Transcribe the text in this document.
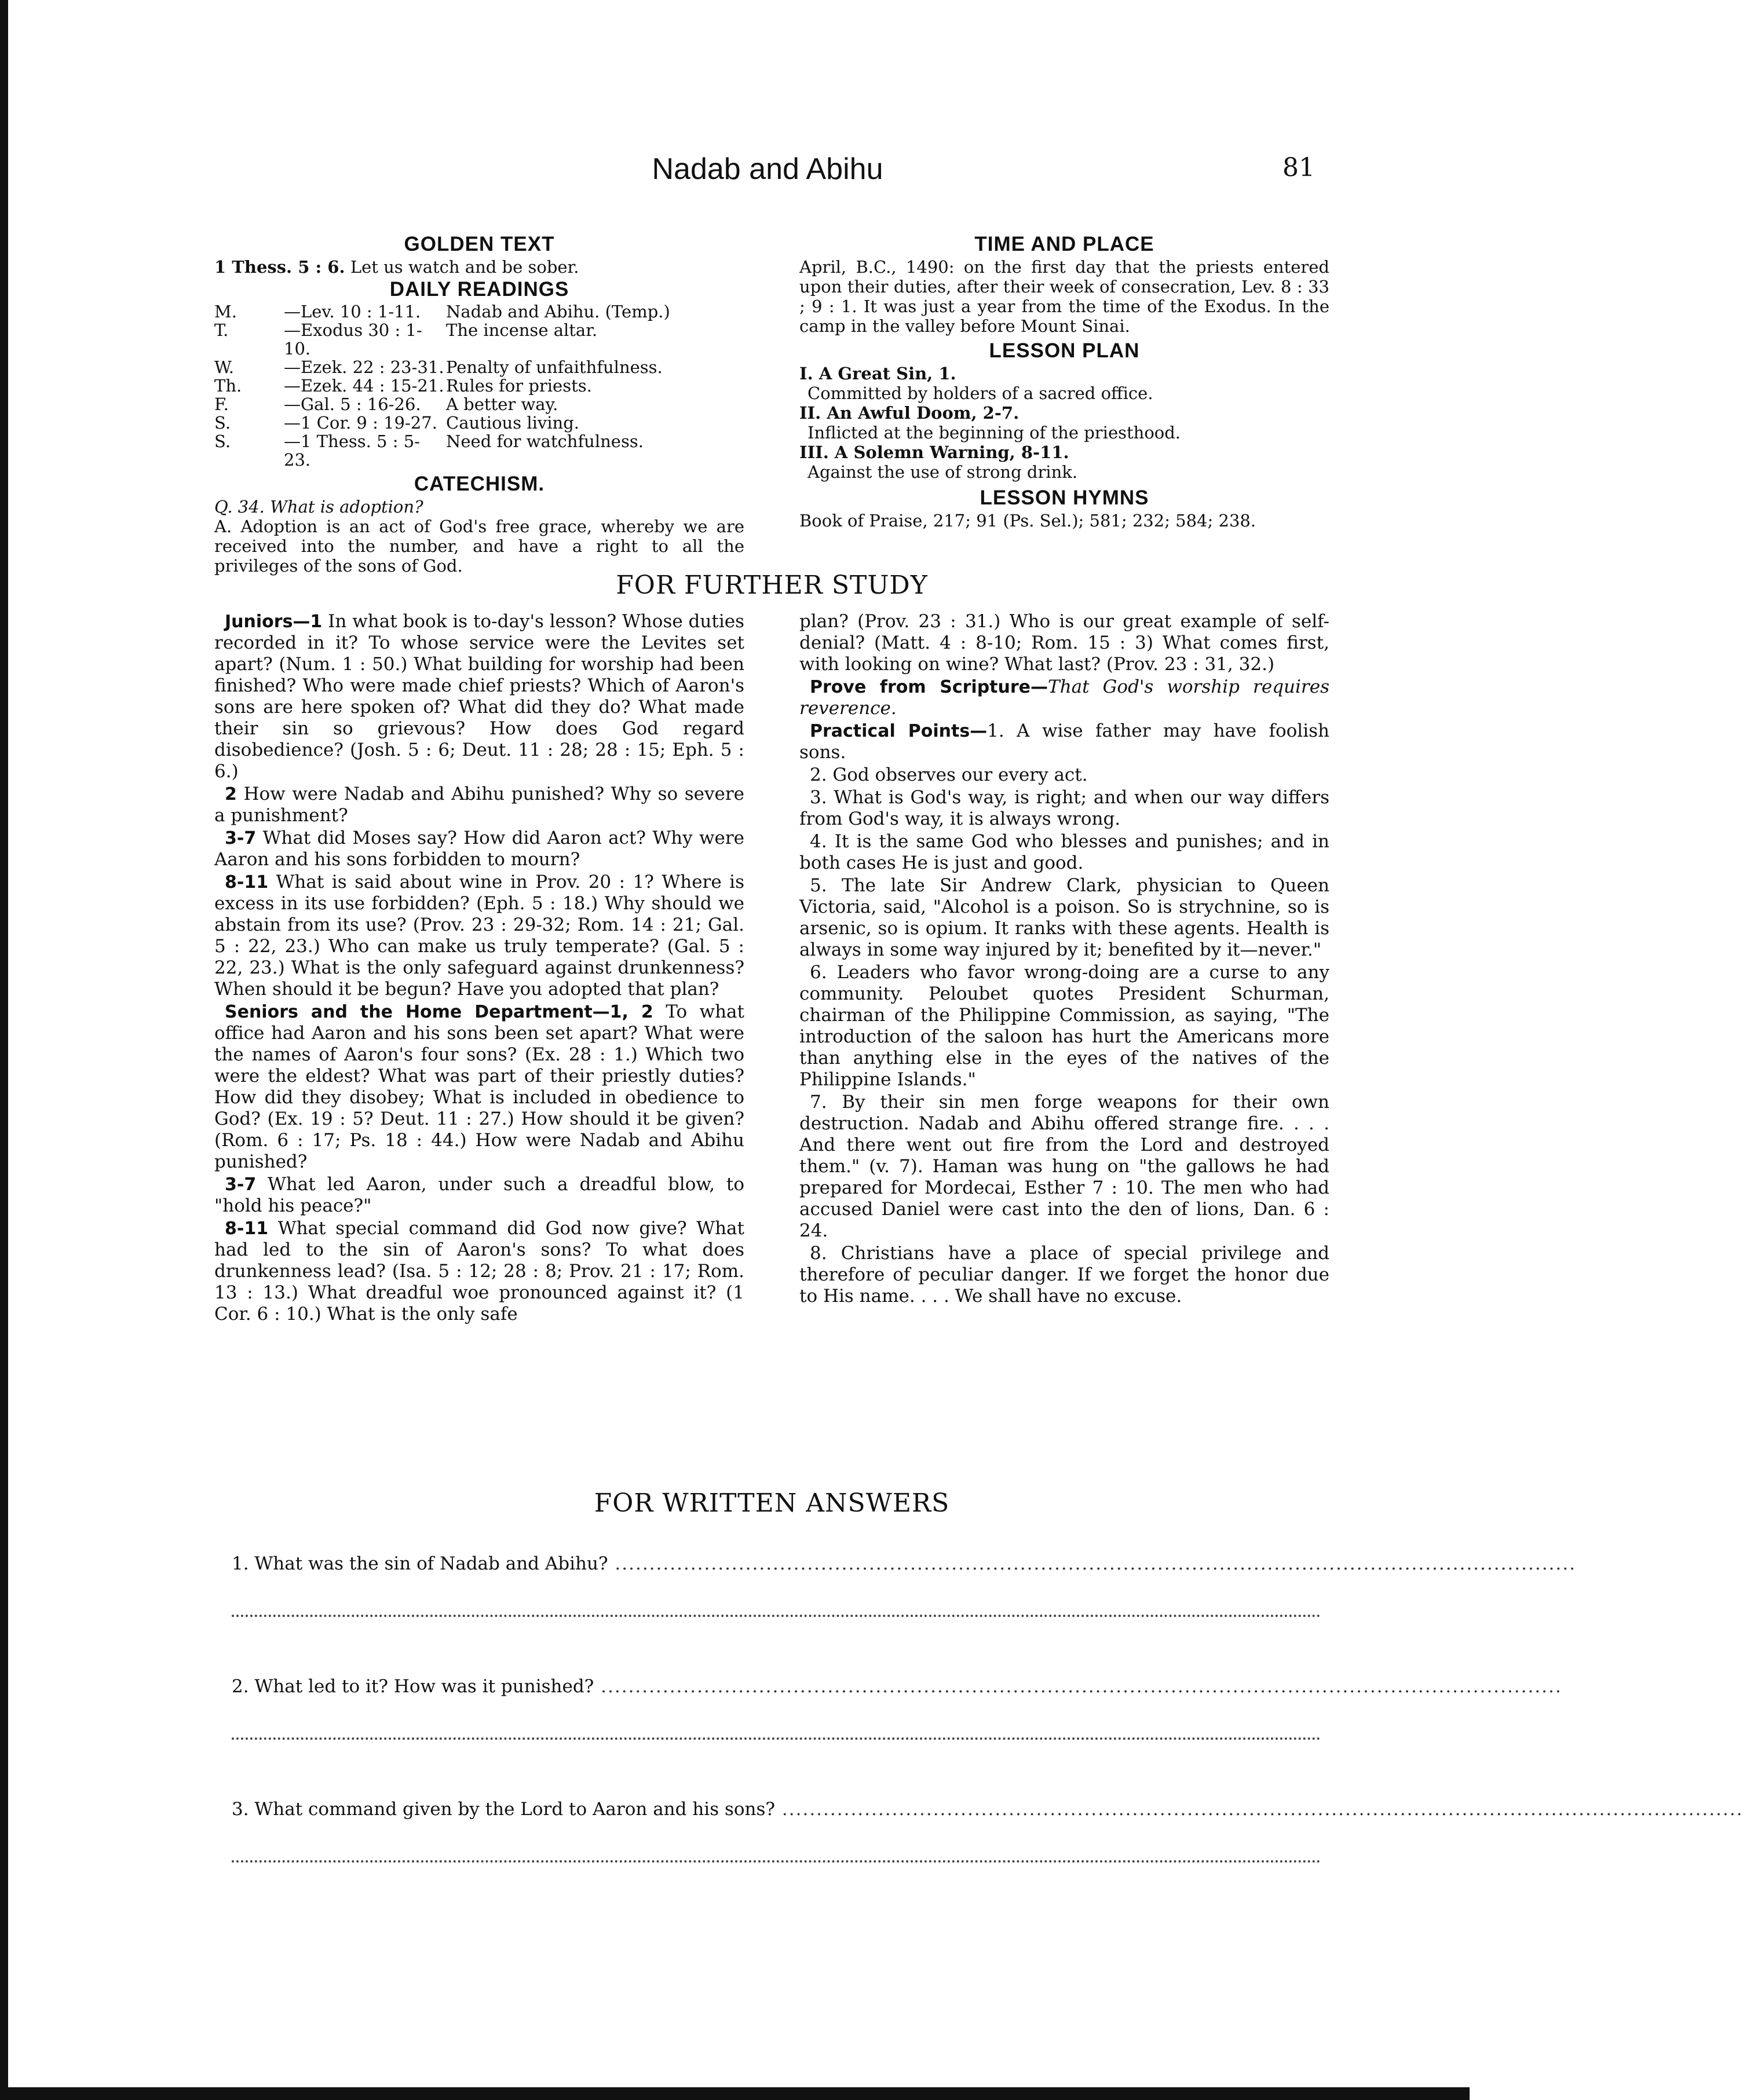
Nadab and Abihu	81
GOLDEN TEXT
1 Thess. 5 : 6. Let us watch and be sober.
DAILY READINGS
M.	—Lev. 10 : 1-11.	Nadab and Abihu. (Temp.)
T.	—Exodus 30 : 1-10.
The incense altar.
W.	—Ezek. 22 : 23-31. Penalty of unfaithfulness.
Th.	—Ezek. 44 : 15-21. Rules for priests.
F.	—Gal. 5 : 16-26.	A better way.
S.	—1 Cor. 9 : 19-27. Cautious living.
S.	—1 Thess. 5 : 5-23.
Need for watchfulness.
CATECHISM.
Q. 34. What is adoption?
A. Adoption is an act of God's free grace, whereby we are received into the number, and have a right to all the privileges of the sons of God.
TIME AND PLACE
April, B.C., 1490: on the first day that the priests entered upon their duties, after their week of consecration, Lev. 8 : 33 ; 9 : 1. It was just a year from the time of the Exodus. In the camp in the valley before Mount Sinai.
LESSON PLAN
I. A Great Sin, 1.
Committed by holders of a sacred office.
II. An Awful Doom, 2-7.
Inflicted at the beginning of the priesthood.
III. A Solemn Warning, 8-11.
Against the use of strong drink.
LESSON HYMNS
Book of Praise, 217; 91 (Ps. Sel.); 581; 232; 584; 238.
FOR FURTHER STUDY

Juniors—1 In what book is to-day's lesson? Whose duties recorded in it? To whose service were the Levites set apart? (Num. 1 : 50.) What building for worship had been finished? Who were made chief priests? Which of Aaron's sons are here spoken of? What did they do? What made their sin so grievous? How does God regard disobedience? (Josh. 5 : 6; Deut. 11 : 28; 28 : 15; Eph. 5 : 6.)

2 How were Nadab and Abihu punished? Why so severe a punishment?

3-7 What did Moses say? How did Aaron act? Why were Aaron and his sons forbidden to mourn?

8-11 What is said about wine in Prov. 20 : 1? Where is excess in its use forbidden? (Eph. 5 : 18.) Why should we abstain from its use? (Prov. 23 : 29-32; Rom. 14 : 21; Gal. 5 : 22, 23.) Who can make us truly temperate? (Gal. 5 : 22, 23.) What is the only safeguard against drunkenness? When should it be begun? Have you adopted that plan?

Seniors and the Home Department—1, 2 To what office had Aaron and his sons been set apart? What were the names of Aaron's four sons? (Ex. 28 : 1.) Which two were the eldest? What was part of their priestly duties? How did they disobey; What is included in obedience to God? (Ex. 19 : 5? Deut. 11 : 27.) How should it be given? (Rom. 6 : 17; Ps. 18 : 44.) How were Nadab and Abihu punished?

3-7 What led Aaron, under such a dreadful blow, to "hold his peace?"

8-11 What special command did God now give? What had led to the sin of Aaron's sons? To what does drunkenness lead? (Isa. 5 : 12; 28 : 8; Prov. 21 : 17; Rom. 13 : 13.) What dreadful woe pronounced against it? (1 Cor. 6 : 10.) What is the only safe

plan? (Prov. 23 : 31.) Who is our great example of self-denial? (Matt. 4 : 8-10; Rom. 15 : 3) What comes first, with looking on wine? What last? (Prov. 23 : 31, 32.)

Prove from Scripture—That God's worship requires reverence.

Practical Points—1. A wise father may have foolish sons.

2. God observes our every act.

3. What is God's way, is right; and when our way differs from God's way, it is always wrong.

4. It is the same God who blesses and punishes; and in both cases He is just and good.

5. The late Sir Andrew Clark, physician to Queen Victoria, said, "Alcohol is a poison. So is strychnine, so is arsenic, so is opium. It ranks with these agents. Health is always in some way injured by it; benefited by it—never."

6. Leaders who favor wrong-doing are a curse to any community. Peloubet quotes President Schurman, chairman of the Philippine Commission, as saying, "The introduction of the saloon has hurt the Americans more than anything else in the eyes of the natives of the Philippine Islands."

7. By their sin men forge weapons for their own destruction. Nadab and Abihu offered strange fire. . . . And there went out fire from the Lord and destroyed them." (v. 7). Haman was hung on "the gallows he had prepared for Mordecai, Esther 7 : 10. The men who had accused Daniel were cast into the den of lions, Dan. 6 : 24.

8. Christians have a place of special privilege and therefore of peculiar danger. If we forget the honor due to His name. . . . We shall have no excuse.

FOR WRITTEN ANSWERS
1. What was the sin of Nadab and Abihu? ............................................................................................................................................
2. What led to it? How was it punished? ............................................................................................................................................
3. What command given by the Lord to Aaron and his sons? ............................................................................................................................................
